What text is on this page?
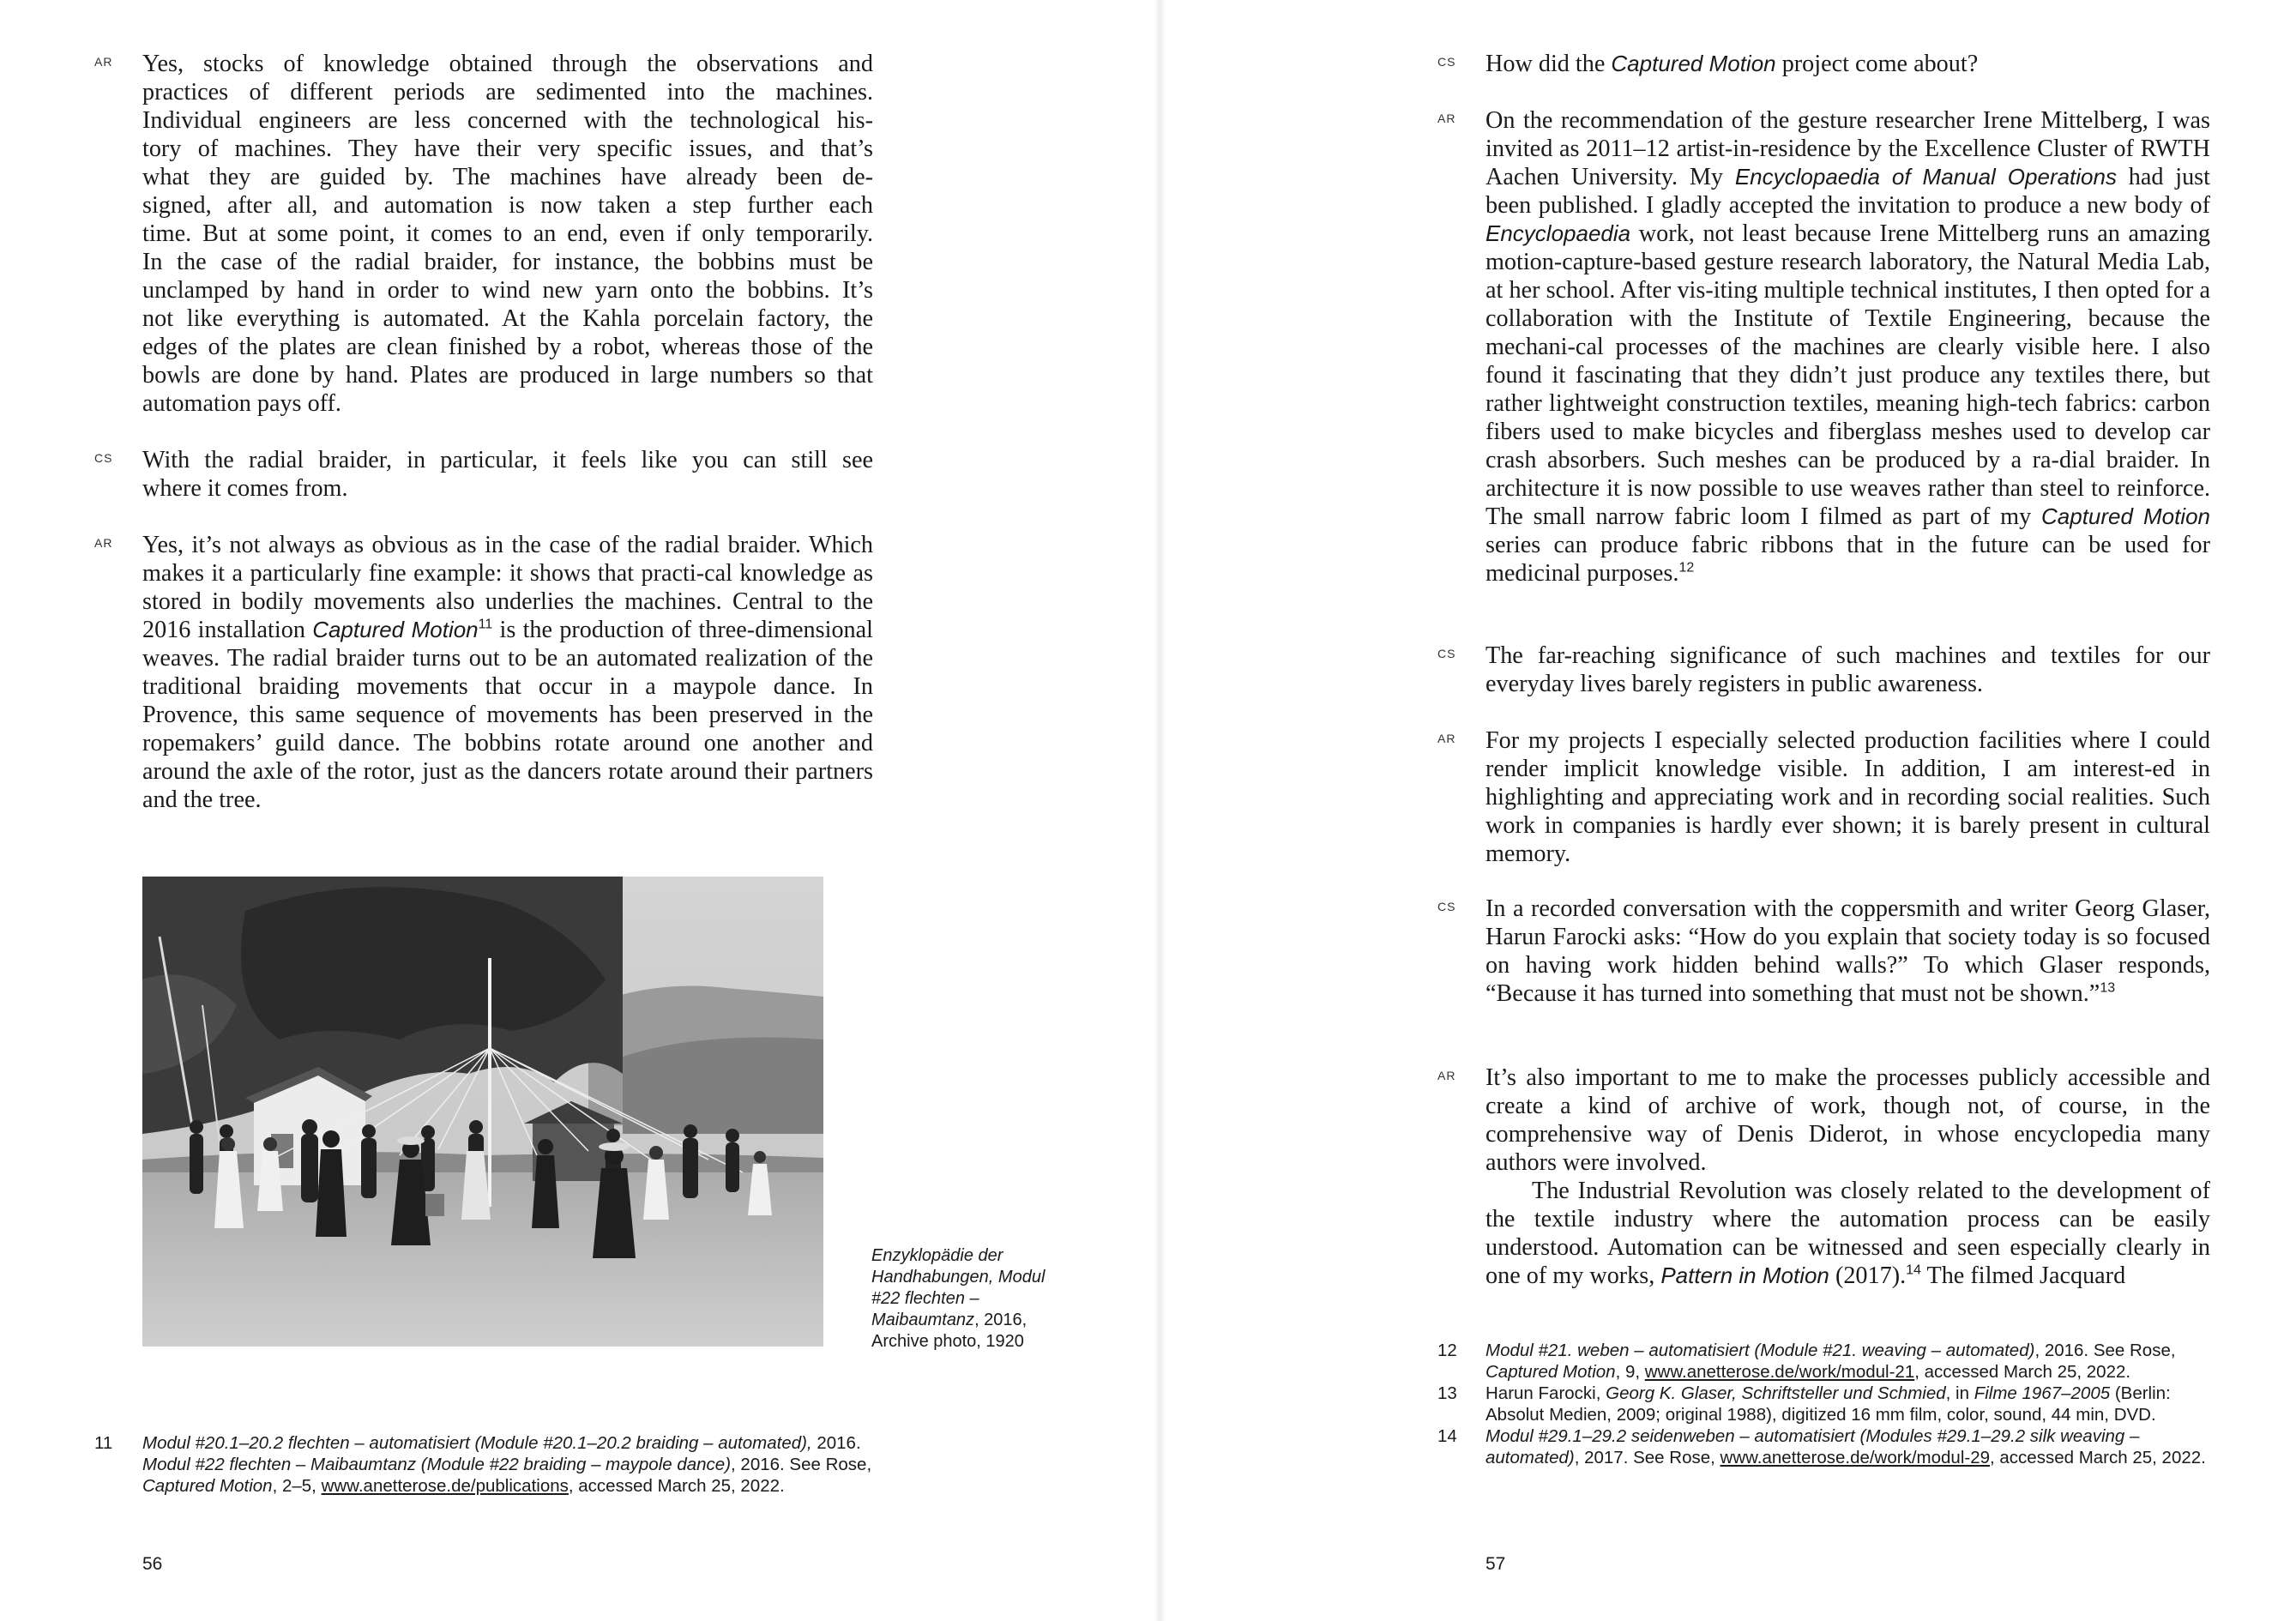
AR Yes, stocks of knowledge obtained through the observations and
practices of different periods are sedimented into the machines.
Individual engineers are less concerned with the technological his-
tory of machines. They have their very specific issues, and that’s
what they are guided by. The machines have already been de-
signed, after all, and automation is now taken a step further each
time. But at some point, it comes to an end, even if only temporarily.
In the case of the radial braider, for instance, the bobbins must be
unclamped by hand in order to wind new yarn onto the bobbins. It’s
not like everything is automated. At the Kahla porcelain factory, the
edges of the plates are clean finished by a robot, whereas those of the
bowls are done by hand. Plates are produced in large numbers so that
automation pays off.
CS With the radial braider, in particular, it feels like you can still see
where it comes from.
AR Yes, it’s not always as obvious as in the case of the radial braider. Which makes it a particularly fine example: it shows that practi-cal knowledge as stored in bodily movements also underlies the machines. Central to the 2016 installation Captured Motion$^{11}$ is the production of three-dimensional weaves. The radial braider turns out to be an automated realization of the traditional braiding movements that occur in a maypole dance. In Provence, this same sequence of movements has been preserved in the ropemakers’ guild dance. The bobbins rotate around one another and around the axle of the rotor, just as the dancers rotate around their partners and the tree.

Enzyklopädie der Handhabungen, Modul #22 flechten – Maibaumtanz, 2016, Archive photo, 1920

11 Modul #20.1–20.2 flechten – automatisiert (Module #20.1–20.2 braiding – automated), 2016. Modul #22 flechten – Maibaumtanz (Module #22 braiding – maypole dance), 2016. See Rose, Captured Motion, 2–5, www.anetterose.de/publications, accessed March 25, 2022.

56
CS How did the Captured Motion project come about?

AR On the recommendation of the gesture researcher Irene Mittelberg, I was invited as 2011–12 artist-in-residence by the Excellence Cluster of RWTH Aachen University. My Encyclopaedia of Manual Operations had just been published. I gladly accepted the invitation to produce a new body of Encyclopaedia work, not least because Irene Mittelberg runs an amazing motion-capture-based gesture research laboratory, the Natural Media Lab, at her school. After vis-iting multiple technical institutes, I then opted for a collaboration with the Institute of Textile Engineering, because the mechani-cal processes of the machines are clearly visible here. I also found it fascinating that they didn’t just produce any textiles there, but rather lightweight construction textiles, meaning high-tech fabrics: carbon fibers used to make bicycles and fiberglass meshes used to develop car crash absorbers. Such meshes can be produced by a ra-dial braider. In architecture it is now possible to use weaves rather than steel to reinforce. The small narrow fabric loom I filmed as part of my Captured Motion series can produce fabric ribbons that in the future can be used for medicinal purposes.$^{12}$

CS The far-reaching significance of such machines and textiles for our everyday lives barely registers in public awareness.

AR For my projects I especially selected production facilities where I could render implicit knowledge visible. In addition, I am interest-ed in highlighting and appreciating work and in recording social realities. Such work in companies is hardly ever shown; it is barely present in cultural memory.

CS In a recorded conversation with the coppersmith and writer Georg Glaser, Harun Farocki asks: “How do you explain that society today is so focused on having work hidden behind walls?” To which Glaser responds, “Because it has turned into something that must not be shown.”$^{13}$

AR It’s also important to me to make the processes publicly accessible and create a kind of archive of work, though not, of course, in the comprehensive way of Denis Diderot, in whose encyclopedia many authors were involved.
The Industrial Revolution was closely related to the development of the textile industry where the automation process can be easily understood. Automation can be witnessed and seen especially clearly in one of my works, Pattern in Motion (2017).$^{14}$ The filmed Jacquard

12 Modul #21. weben – automatisiert (Module #21. weaving – automated), 2016. See Rose, Captured Motion, 9, www.anetterose.de/work/modul-21, accessed March 25, 2022.

13 Harun Farocki, Georg K. Glaser, Schriftsteller und Schmied, in Filme 1967–2005 (Berlin: Absolut Medien, 2009; original 1988), digitized 16 mm film, color, sound, 44 min, DVD.

14 Modul #29.1–29.2 seidenweben – automatisiert (Modules #29.1–29.2 silk weaving – automated), 2017. See Rose, www.anetterose.de/work/modul-29, accessed March 25, 2022.

57
